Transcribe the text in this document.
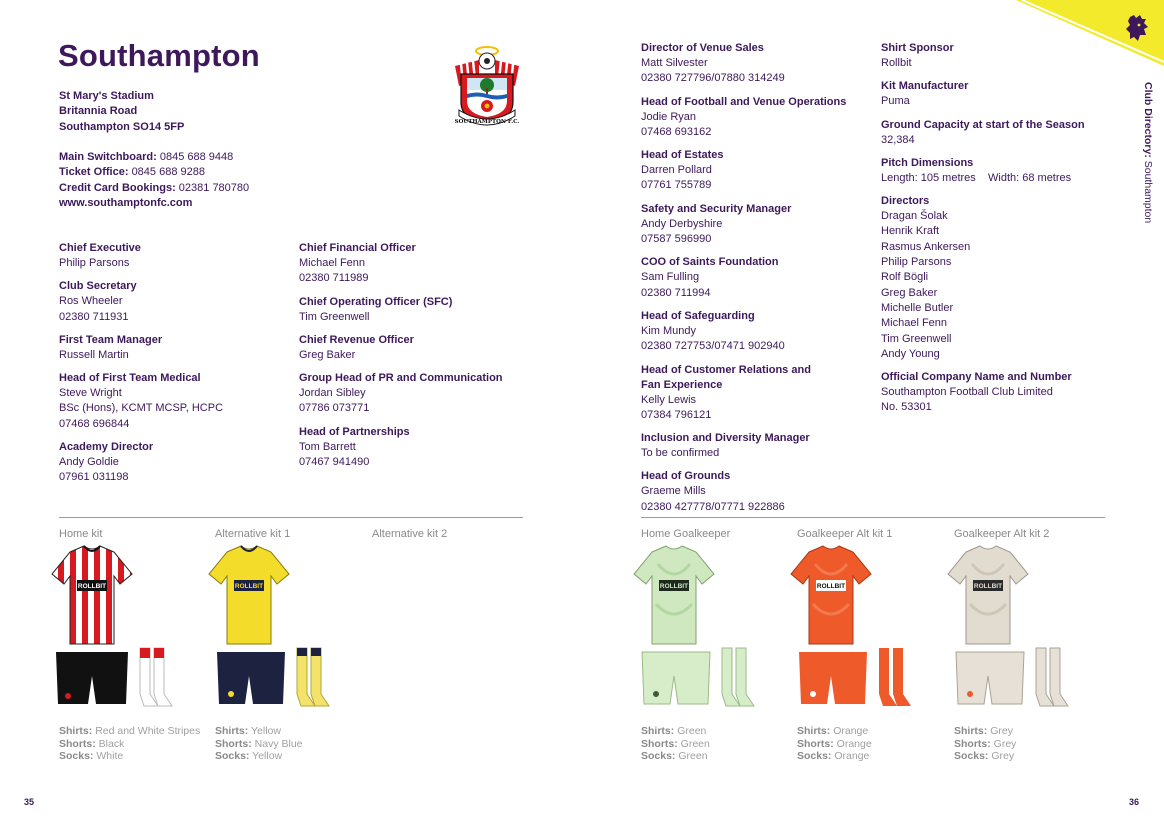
Southampton
St Mary's Stadium
Britannia Road
Southampton SO14 5FP
Main Switchboard: 0845 688 9448
Ticket Office: 0845 688 9288
Credit Card Bookings: 02381 780780
www.southamptonfc.com
SOUTHAMPTON F.C.
Chief Executive
Philip Parsons
Club Secretary
Ros Wheeler
02380 711931
First Team Manager
Russell Martin
Head of First Team Medical
Steve Wright
BSc (Hons), KCMT MCSP, HCPC
07468 696844
Academy Director
Andy Goldie
07961 031198
Chief Financial Officer
Michael Fenn
02380 711989
Chief Operating Officer (SFC)
Tim Greenwell
Chief Revenue Officer
Greg Baker
Group Head of PR and Communication
Jordan Sibley
07786 073771
Head of Partnerships
Tom Barrett
07467 941490
Home kit	Alternative kit 1	Alternative kit 2
ROLLBIT	ROLLBIT
Shirts: Red and White Stripes
Shorts: Black
Socks: White
Shirts: Yellow
Shorts: Navy Blue
Socks: Yellow
35
Club Directory: Southampton
Director of Venue Sales
Matt Silvester
02380 727796/07880 314249
Head of Football and Venue Operations
Jodie Ryan
07468 693162
Head of Estates
Darren Pollard
07761 755789
Safety and Security Manager
Andy Derbyshire
07587 596990
COO of Saints Foundation
Sam Fulling
02380 711994
Head of Safeguarding
Kim Mundy
02380 727753/07471 902940
Head of Customer Relations and Fan Experience
Kelly Lewis
07384 796121
Inclusion and Diversity Manager
To be confirmed
Head of Grounds
Graeme Mills
02380 427778/07771 922886
Shirt Sponsor
Rollbit
Kit Manufacturer
Puma
Ground Capacity at start of the Season
32,384
Pitch Dimensions
Length: 105 metres    Width: 68 metres
Directors
Dragan Šolak
Henrik Kraft
Rasmus Ankersen
Philip Parsons
Rolf Bögli
Greg Baker
Michelle Butler
Michael Fenn
Tim Greenwell
Andy Young
Official Company Name and Number
Southampton Football Club Limited
No. 53301
Home Goalkeeper	Goalkeeper Alt kit 1	Goalkeeper Alt kit 2
ROLLBIT	ROLLBIT	ROLLBIT
Shirts: Green
Shorts: Green
Socks: Green
Shirts: Orange
Shorts: Orange
Socks: Orange
Shirts: Grey
Shorts: Grey
Socks: Grey
36
